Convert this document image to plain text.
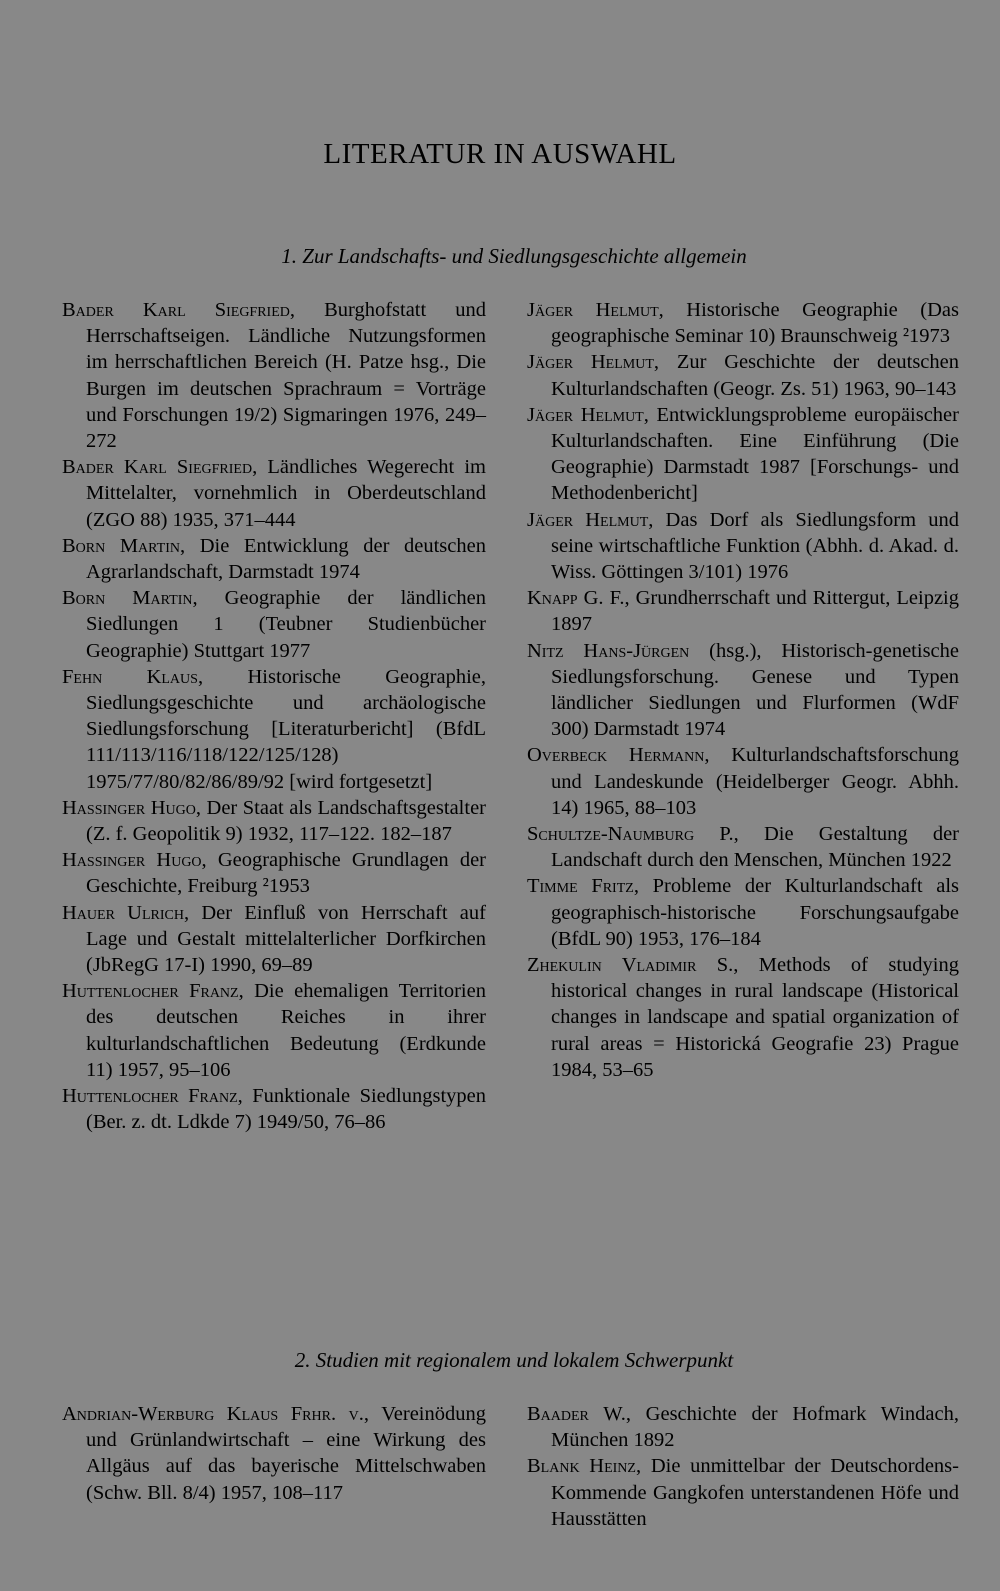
LITERATUR IN AUSWAHL
1. Zur Landschafts- und Siedlungsgeschichte allgemein

Bader Karl Siegfried, Burghofstatt und Herrschaftseigen. Ländliche Nutzungsformen im herrschaftlichen Bereich (H. Patze hsg., Die Burgen im deutschen Sprachraum = Vorträge und Forschungen 19/2) Sigmaringen 1976, 249–272

Bader Karl Siegfried, Ländliches Wegerecht im Mittelalter, vornehmlich in Oberdeutschland (ZGO 88) 1935, 371–444

Born Martin, Die Entwicklung der deutschen Agrarlandschaft, Darmstadt 1974

Born Martin, Geographie der ländlichen Siedlungen 1 (Teubner Studienbücher Geographie) Stuttgart 1977

Fehn Klaus, Historische Geographie, Siedlungsgeschichte und archäologische Siedlungsforschung [Literaturbericht] (BfdL 111/113/116/118/122/125/128) 1975/77/80/82/86/89/92 [wird fortgesetzt]

Hassinger Hugo, Der Staat als Landschaftsgestalter (Z. f. Geopolitik 9) 1932, 117–122. 182–187

Hassinger Hugo, Geographische Grundlagen der Geschichte, Freiburg ²1953

Hauer Ulrich, Der Einfluß von Herrschaft auf Lage und Gestalt mittelalterlicher Dorfkirchen (JbRegG 17-I) 1990, 69–89

Huttenlocher Franz, Die ehemaligen Territorien des deutschen Reiches in ihrer kulturlandschaftlichen Bedeutung (Erdkunde 11) 1957, 95–106

Huttenlocher Franz, Funktionale Siedlungstypen (Ber. z. dt. Ldkde 7) 1949/50, 76–86

Jäger Helmut, Historische Geographie (Das geographische Seminar 10) Braunschweig ²1973

Jäger Helmut, Zur Geschichte der deutschen Kulturlandschaften (Geogr. Zs. 51) 1963, 90–143

Jäger Helmut, Entwicklungsprobleme europäischer Kulturlandschaften. Eine Einführung (Die Geographie) Darmstadt 1987 [Forschungs- und Methodenbericht]

Jäger Helmut, Das Dorf als Siedlungsform und seine wirtschaftliche Funktion (Abhh. d. Akad. d. Wiss. Göttingen 3/101) 1976

Knapp G. F., Grundherrschaft und Rittergut, Leipzig 1897

Nitz Hans-Jürgen (hsg.), Historisch-genetische Siedlungsforschung. Genese und Typen ländlicher Siedlungen und Flurformen (WdF 300) Darmstadt 1974

Overbeck Hermann, Kulturlandschaftsforschung und Landeskunde (Heidelberger Geogr. Abhh. 14) 1965, 88–103

Schultze-Naumburg P., Die Gestaltung der Landschaft durch den Menschen, München 1922

Timme Fritz, Probleme der Kulturlandschaft als geographisch-historische Forschungsaufgabe (BfdL 90) 1953, 176–184

Zhekulin Vladimir S., Methods of studying historical changes in rural landscape (Historical changes in landscape and spatial organization of rural areas = Historická Geografie 23) Prague 1984, 53–65

2. Studien mit regionalem und lokalem Schwerpunkt

Andrian-Werburg Klaus Frhr. v., Vereinödung und Grünlandwirtschaft – eine Wirkung des Allgäus auf das bayerische Mittelschwaben (Schw. Bll. 8/4) 1957, 108–117

Baader W., Geschichte der Hofmark Windach, München 1892

Blank Heinz, Die unmittelbar der Deutschordens-Kommende Gangkofen unterstandenen Höfe und Hausstätten
